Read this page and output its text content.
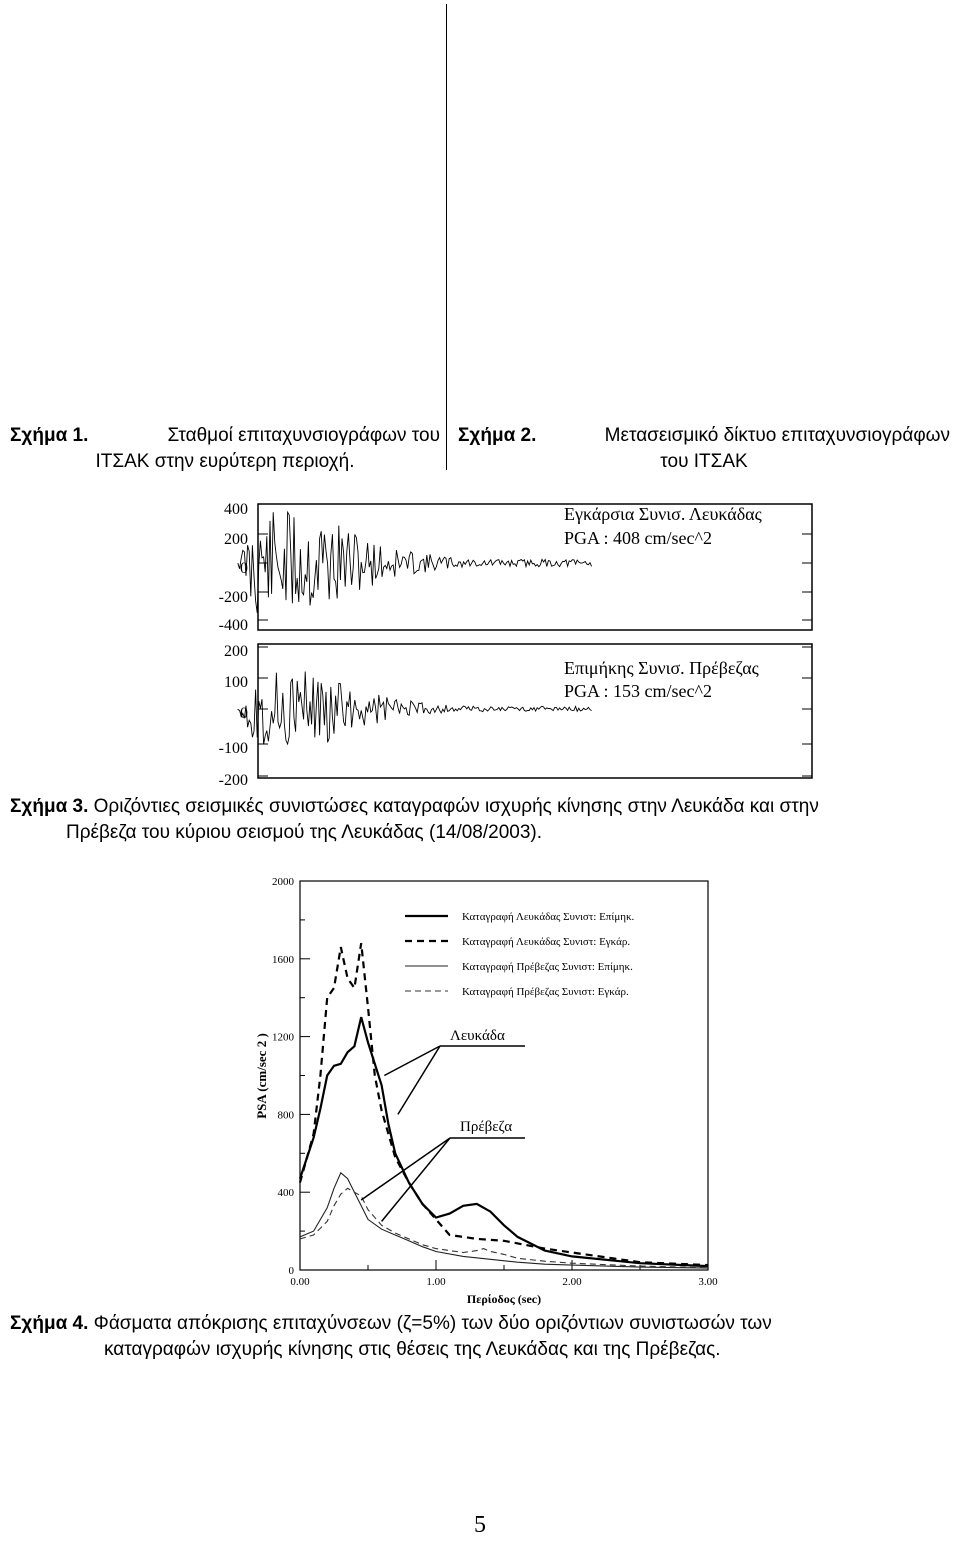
Σχήμα 1.	Σταθμοί επιταχυνσιογράφων του
ΙΤΣΑΚ στην ευρύτερη περιοχή.
Σχήμα 2.	Μετασεισμικό δίκτυο επιταχυνσιογράφων
του ΙΤΣΑΚ
400
200
0
-200
-400
Εγκάρσια Συνισ. Λευκάδας
PGA : 408 cm/sec^2
200
100
0
-100
-200
Επιμήκης Συνισ. Πρέβεζας
PGA : 153 cm/sec^2
Σχήμα 3. Οριζόντιες σεισμικές συνιστώσες καταγραφών ισχυρής κίνησης στην Λευκάδα και στην
Πρέβεζα του κύριου σεισμού της Λευκάδας (14/08/2003).
0
400
800
1200
1600
2000
0.00	1.00	2.00	3.00
Περίοδος (sec)
PSA (cm/sec 2 )
Καταγραφή Λευκάδας Συνιστ: Επίμηκ.
Καταγραφή Λευκάδας Συνιστ: Εγκάρ.
Καταγραφή Πρέβεζας Συνιστ: Επίμηκ.
Καταγραφή Πρέβεζας Συνιστ: Εγκάρ.
Λευκάδα
Πρέβεζα
Σχήμα 4. Φάσματα απόκρισης επιταχύνσεων (ζ=5%) των δύο οριζόντιων συνιστωσών των
καταγραφών ισχυρής κίνησης στις θέσεις της Λευκάδας και της Πρέβεζας.
5
